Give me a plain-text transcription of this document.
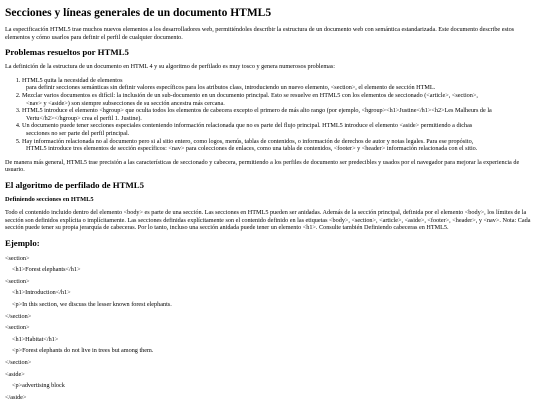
Secciones y líneas generales de un documento HTML5

La especificación HTML5 trae muchos nuevos elementos a los desarrolladores web, permitiéndoles describir la estructura de un documento web con semántica estandarizada. Este documento describe estos elementos y cómo usarlos para definir el perfil de cualquier documento.

Problemas resueltos por HTML5

La definición de la estructura de un documento en HTML 4 y su algoritmo de perfilado es muy tosco y genera numerosos problemas:

1. HTML5 quita la necesidad de elementos
para definir secciones semánticas sin definir valores específicos para los atributos class, introduciendo un nuevo elemento, <section>, el elemento de sección HTML.
2. Mezclar varios documentos es difícil: la inclusión de un sub-documento en un documento principal. Esto se resuelve en HTML5 con los elementos de seccionado (<article>, <section>,
<nav> y <aside>) son siempre subsecciones de su sección ancestra más cercana.
3. HTML5 introduce el elemento <hgroup> que oculta todos los elementos de cabecera excepto el primero de más alto rango (por ejemplo, <hgroup><h1>Justine</h1><h2>Les Malheurs de la
Vertu</h2></hgroup> crea el perfil 1. Justine).
4. Un documento puede tener secciones especiales conteniendo información relacionada que no es parte del flujo principal. HTML5 introduce el elemento <aside> permitiendo a dichas
secciones no ser parte del perfil principal.
5. Hay información relacionada no al documento pero si al sitio entero, como logos, menús, tablas de contenidos, o información de derechos de autor y notas legales. Para ese propósito,
HTML5 introduce tres elementos de sección específicos: <nav> para colecciones de enlaces, como una tabla de contenidos, <footer> y <header> información relacionada con el sitio.

De manera más general, HTML5 trae precisión a las características de seccionado y cabecera, permitiendo a los perfiles de documento ser predecibles y usados por el navegador para mejorar la experiencia de usuario.

El algoritmo de perfilado de HTML5
Definiendo secciones en HTML5

Todo el contenido incluido dentro del elemento <body> es parte de una sección. Las secciones en HTML5 pueden ser anidadas. Además de la sección principal, definida por el elemento <body>, los límites de la sección son definidos explícita o implícitamente. Las secciones definidas explícitamente son el contenido definido en las etiquetas <body>, <section>, <article>, <aside>, <footer>, <header>, y <nav>. Nota: Cada sección puede tener su propia jerarquía de cabeceras. Por lo tanto, incluso una sección anidada puede tener un elemento <h1>. Consulte también Definiendo cabeceras en HTML5.

Ejemplo:
<section>
<h1>Forest elephants</h1>
<section>
<h1>Introduction</h1>
<p>In this section, we discuss the lesser known forest elephants.
</section>
<section>
<h1>Habitat</h1>
<p>Forest elephants do not live in trees but among them.
</section>
<aside>
<p>advertising block
</aside>
